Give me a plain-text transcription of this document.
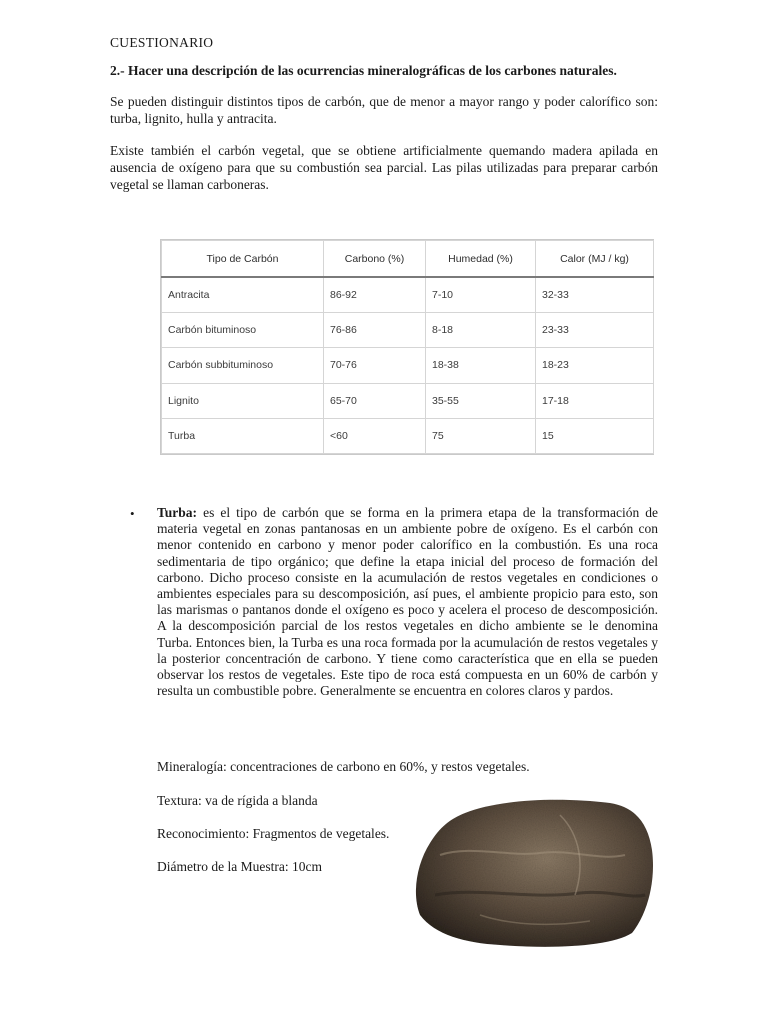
CUESTIONARIO

2.- Hacer una descripción de las ocurrencias mineralográficas de los carbones naturales.

Se pueden distinguir distintos tipos de carbón, que de menor a mayor rango y poder calorífico son: turba, lignito, hulla y antracita.

Existe también el carbón vegetal, que se obtiene artificialmente quemando madera apilada en ausencia de oxígeno para que su combustión sea parcial. Las pilas utilizadas para preparar carbón vegetal se llaman carboneras.

Tipo de Carbón	Carbono (%)	Humedad (%)	Calor (MJ / kg)
Antracita	86-92	7-10	32-33
Carbón bituminoso	76-86	8-18	23-33
Carbón subbituminoso	70-76	18-38	18-23
Lignito	65-70	35-55	17-18
Turba	<60	75	15
•	Turba: es el tipo de carbón que se forma en la primera etapa de la transformación de materia vegetal en zonas pantanosas en un ambiente pobre de oxígeno. Es el carbón con menor contenido en carbono y menor poder calorífico en la combustión. Es una roca sedimentaria de tipo orgánico; que define la etapa inicial del proceso de formación del carbono. Dicho proceso consiste en la acumulación de restos vegetales en condiciones o ambientes especiales para su descomposición, así pues, el ambiente propicio para esto, son las marismas o pantanos donde el oxígeno es poco y acelera el proceso de descomposición. A la descomposición parcial de los restos vegetales en dicho ambiente se le denomina Turba. Entonces bien, la Turba es una roca formada por la acumulación de restos vegetales y la posterior concentración de carbono. Y tiene como característica que en ella se pueden observar los restos de vegetales. Este tipo de roca está compuesta en un 60% de carbón y resulta un combustible pobre. Generalmente se encuentra en colores claros y pardos.
Mineralogía: concentraciones de carbono en 60%, y restos vegetales.
Textura: va de rígida a blanda
Reconocimiento: Fragmentos de vegetales.
Diámetro de la Muestra: 10cm
